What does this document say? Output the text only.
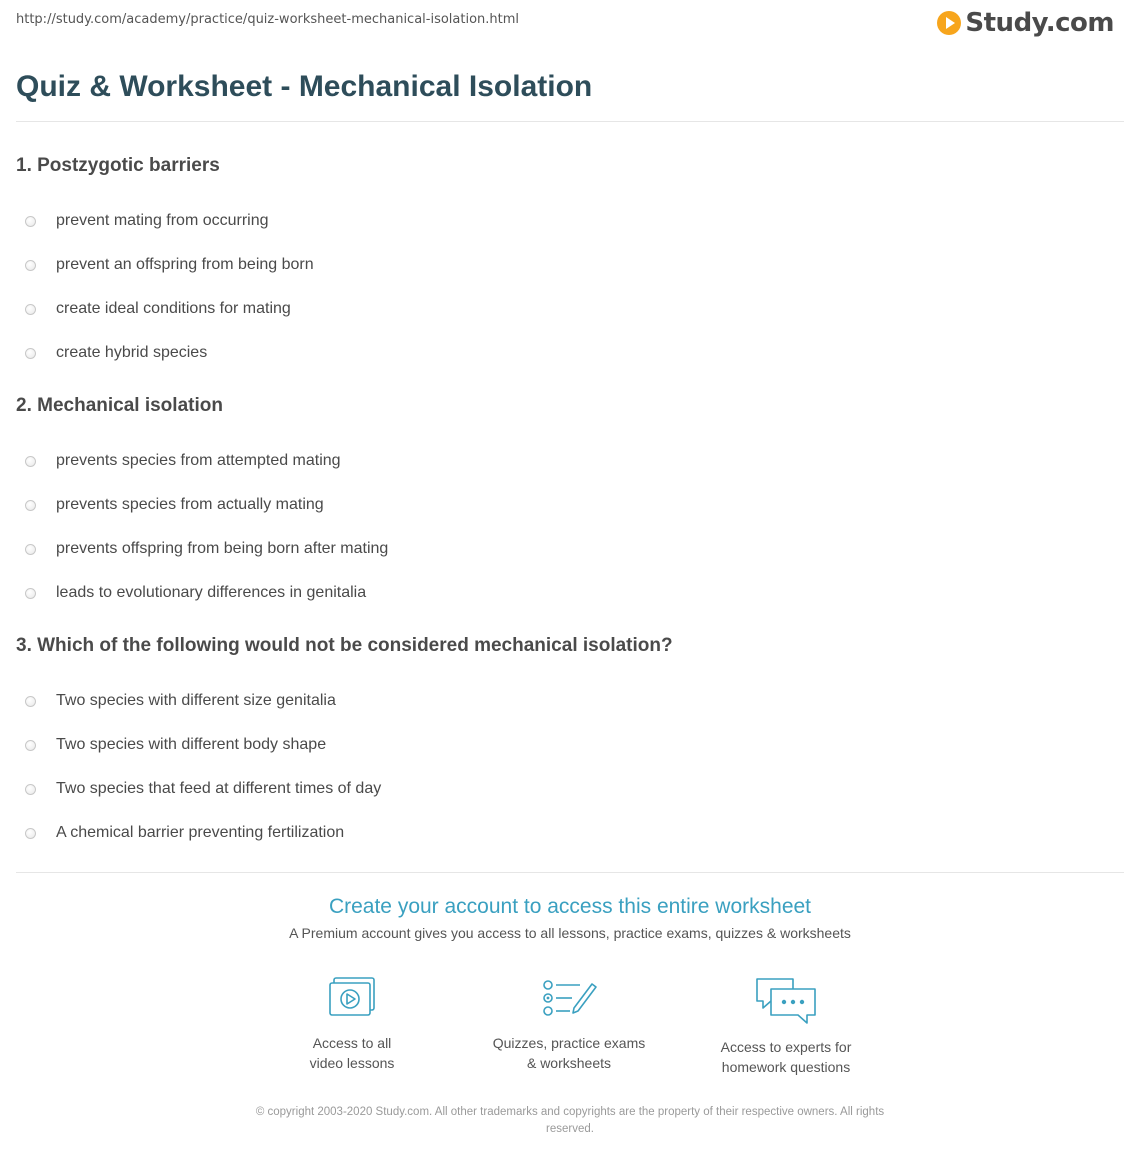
http://study.com/academy/practice/quiz-worksheet-mechanical-isolation.html	Study.com
Quiz & Worksheet - Mechanical Isolation
1. Postzygotic barriers
prevent mating from occurring
prevent an offspring from being born
create ideal conditions for mating
create hybrid species
2. Mechanical isolation
prevents species from attempted mating
prevents species from actually mating
prevents offspring from being born after mating
leads to evolutionary differences in genitalia
3. Which of the following would not be considered mechanical isolation?
Two species with different size genitalia
Two species with different body shape
Two species that feed at different times of day
A chemical barrier preventing fertilization
Create your account to access this entire worksheet
A Premium account gives you access to all lessons, practice exams, quizzes & worksheets
Access to all
video lessons
Quizzes, practice exams
& worksheets
Access to experts for
homework questions
© copyright 2003-2020 Study.com. All other trademarks and copyrights are the property of their respective owners. All rights
reserved.
